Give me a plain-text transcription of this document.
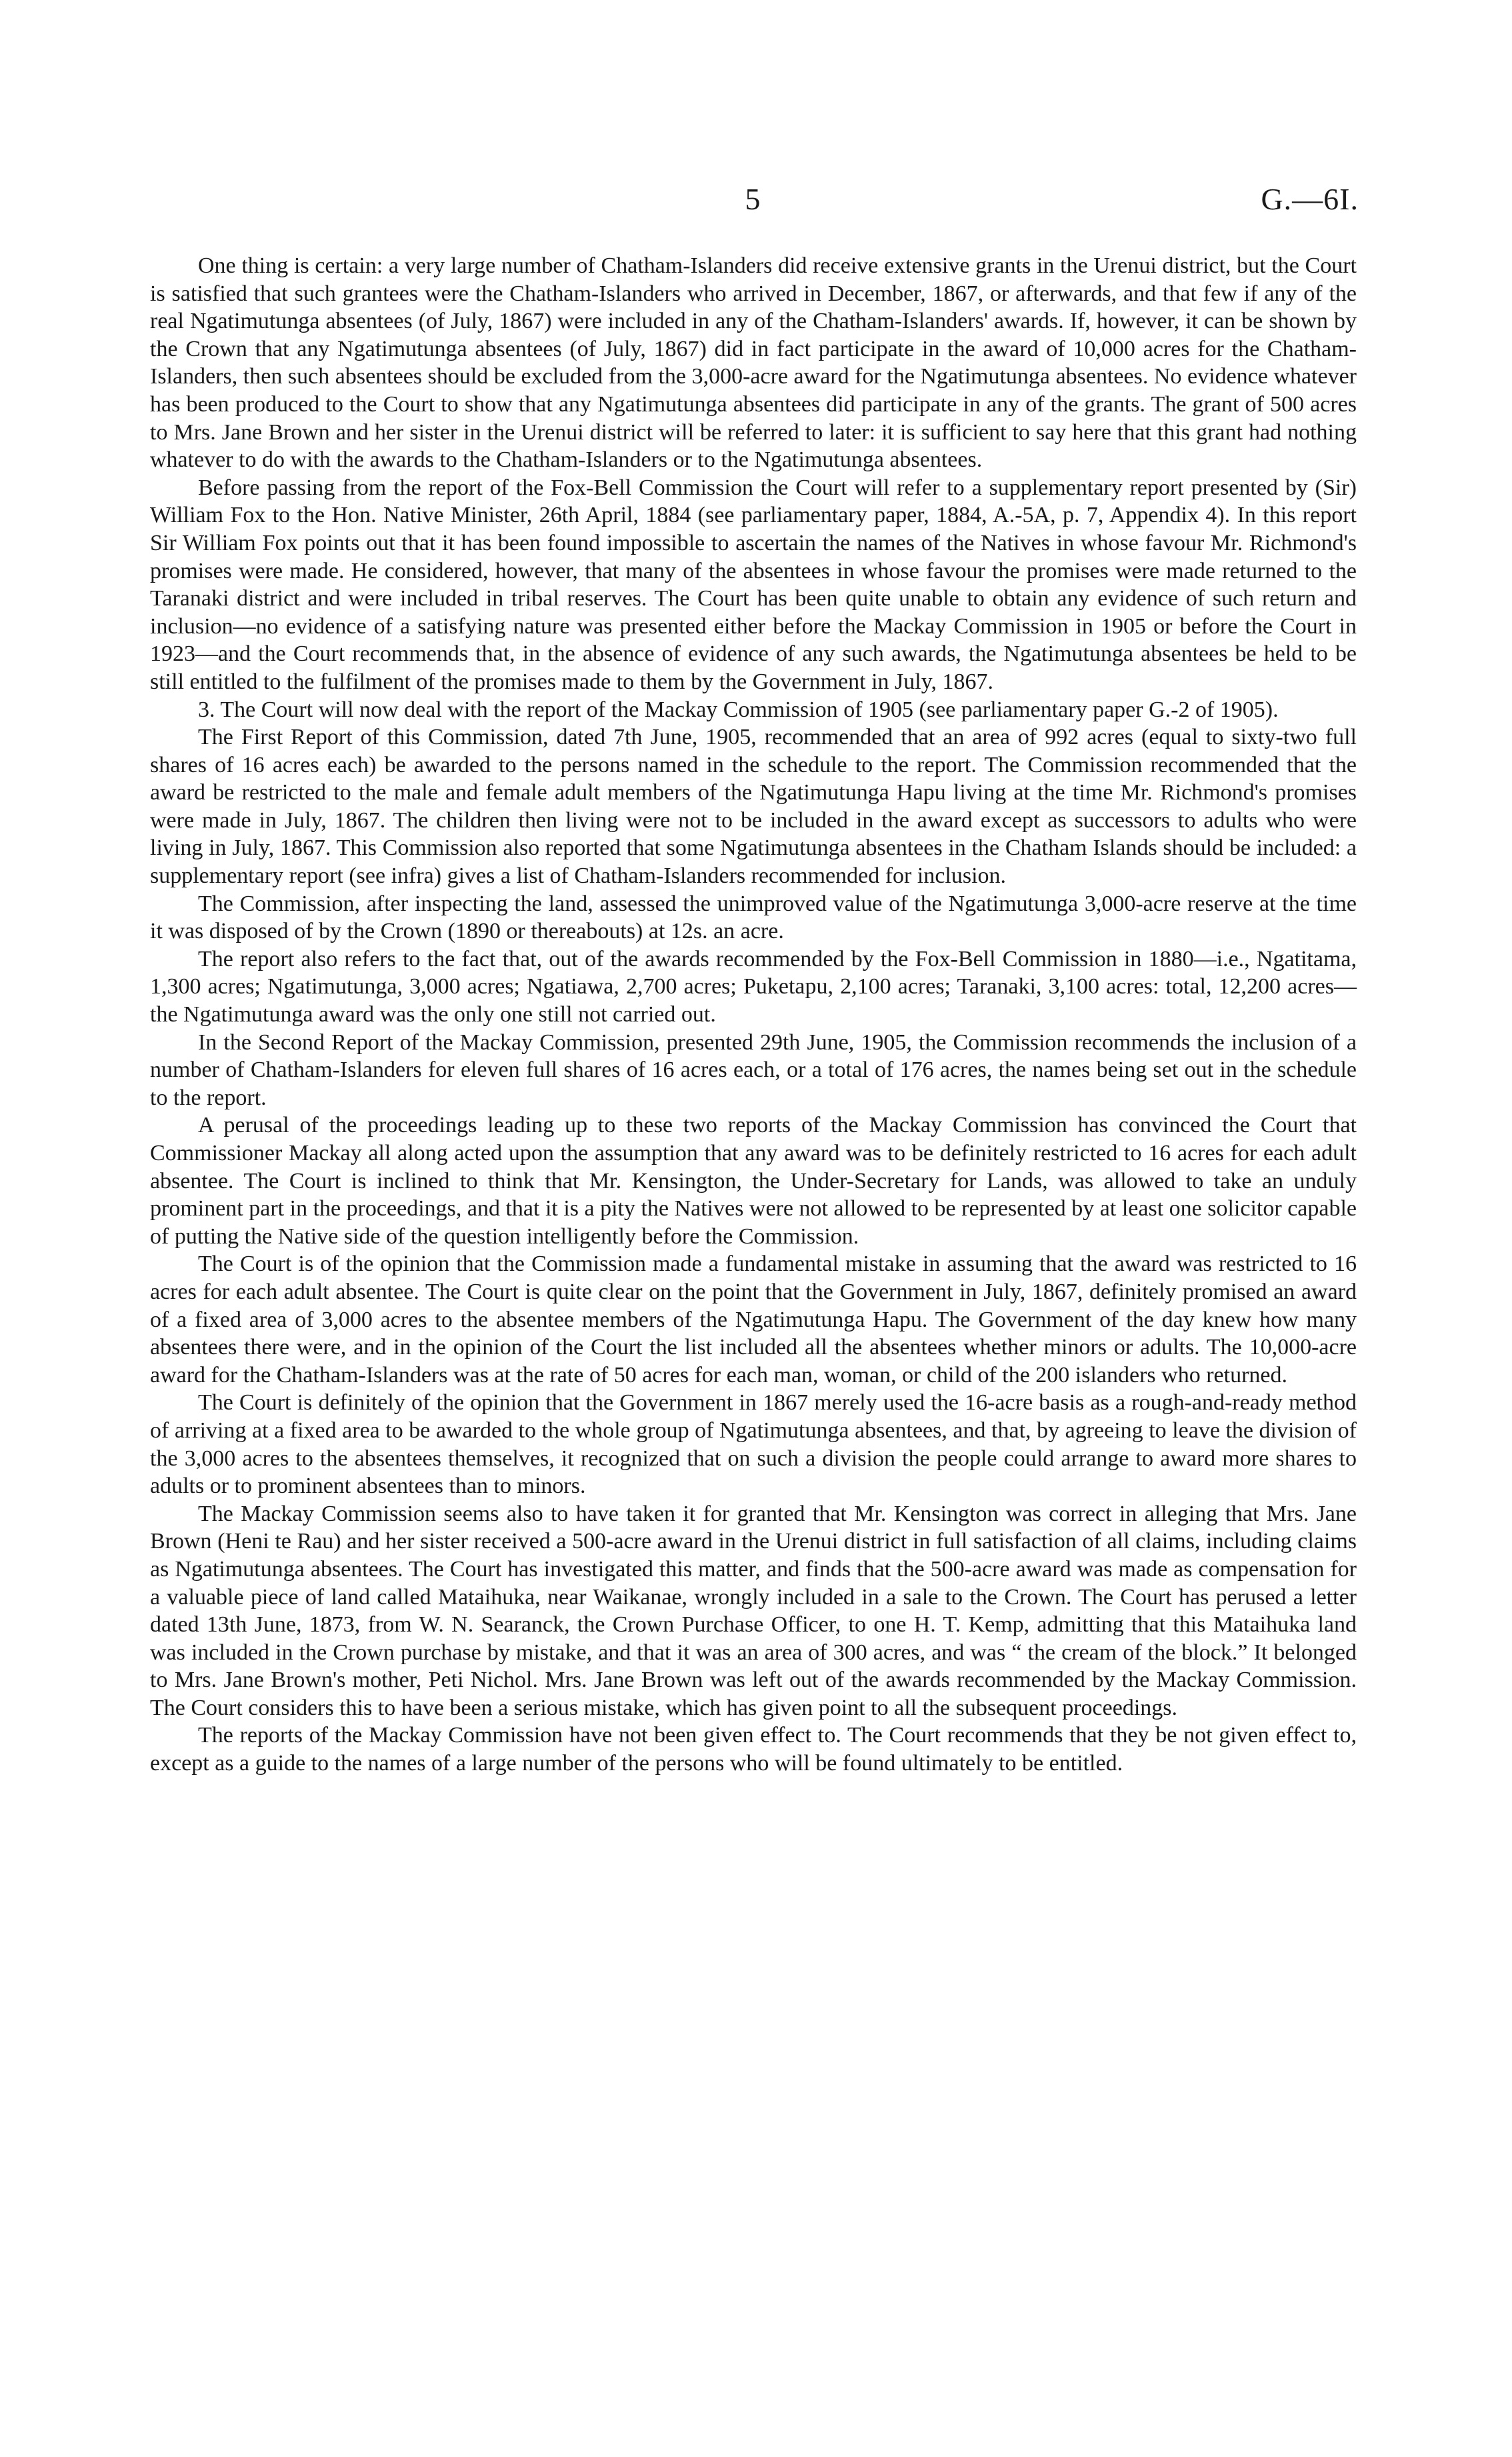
5	G.—6I.

One thing is certain: a very large number of Chatham-Islanders did receive extensive grants in the Urenui district, but the Court is satisfied that such grantees were the Chatham-Islanders who arrived in December, 1867, or afterwards, and that few if any of the real Ngatimutunga absentees (of July, 1867) were included in any of the Chatham-Islanders' awards. If, however, it can be shown by the Crown that any Ngatimutunga absentees (of July, 1867) did in fact participate in the award of 10,000 acres for the Chatham-Islanders, then such absentees should be excluded from the 3,000-acre award for the Ngatimutunga absentees. No evidence whatever has been produced to the Court to show that any Ngatimutunga absentees did participate in any of the grants. The grant of 500 acres to Mrs. Jane Brown and her sister in the Urenui district will be referred to later: it is sufficient to say here that this grant had nothing whatever to do with the awards to the Chatham-Islanders or to the Ngatimutunga absentees.

Before passing from the report of the Fox-Bell Commission the Court will refer to a supplementary report presented by (Sir) William Fox to the Hon. Native Minister, 26th April, 1884 (see parliamentary paper, 1884, A.-5A, p. 7, Appendix 4). In this report Sir William Fox points out that it has been found impossible to ascertain the names of the Natives in whose favour Mr. Richmond's promises were made. He considered, however, that many of the absentees in whose favour the promises were made returned to the Taranaki district and were included in tribal reserves. The Court has been quite unable to obtain any evidence of such return and inclusion—no evidence of a satisfying nature was presented either before the Mackay Commission in 1905 or before the Court in 1923—and the Court recommends that, in the absence of evidence of any such awards, the Ngatimutunga absentees be held to be still entitled to the fulfilment of the promises made to them by the Government in July, 1867.

3. The Court will now deal with the report of the Mackay Commission of 1905 (see parliamentary paper G.-2 of 1905).

The First Report of this Commission, dated 7th June, 1905, recommended that an area of 992 acres (equal to sixty-two full shares of 16 acres each) be awarded to the persons named in the schedule to the report. The Commission recommended that the award be restricted to the male and female adult members of the Ngatimutunga Hapu living at the time Mr. Richmond's promises were made in July, 1867. The children then living were not to be included in the award except as successors to adults who were living in July, 1867. This Commission also reported that some Ngatimutunga absentees in the Chatham Islands should be included: a supplementary report (see infra) gives a list of Chatham-Islanders recommended for inclusion.

The Commission, after inspecting the land, assessed the unimproved value of the Ngatimutunga 3,000-acre reserve at the time it was disposed of by the Crown (1890 or thereabouts) at 12s. an acre.

The report also refers to the fact that, out of the awards recommended by the Fox-Bell Commission in 1880—i.e., Ngatitama, 1,300 acres; Ngatimutunga, 3,000 acres; Ngatiawa, 2,700 acres; Puketapu, 2,100 acres; Taranaki, 3,100 acres: total, 12,200 acres—the Ngatimutunga award was the only one still not carried out.

In the Second Report of the Mackay Commission, presented 29th June, 1905, the Commission recommends the inclusion of a number of Chatham-Islanders for eleven full shares of 16 acres each, or a total of 176 acres, the names being set out in the schedule to the report.

A perusal of the proceedings leading up to these two reports of the Mackay Commission has convinced the Court that Commissioner Mackay all along acted upon the assumption that any award was to be definitely restricted to 16 acres for each adult absentee. The Court is inclined to think that Mr. Kensington, the Under-Secretary for Lands, was allowed to take an unduly prominent part in the proceedings, and that it is a pity the Natives were not allowed to be represented by at least one solicitor capable of putting the Native side of the question intelligently before the Commission.

The Court is of the opinion that the Commission made a fundamental mistake in assuming that the award was restricted to 16 acres for each adult absentee. The Court is quite clear on the point that the Government in July, 1867, definitely promised an award of a fixed area of 3,000 acres to the absentee members of the Ngatimutunga Hapu. The Government of the day knew how many absentees there were, and in the opinion of the Court the list included all the absentees whether minors or adults. The 10,000-acre award for the Chatham-Islanders was at the rate of 50 acres for each man, woman, or child of the 200 islanders who returned.

The Court is definitely of the opinion that the Government in 1867 merely used the 16-acre basis as a rough-and-ready method of arriving at a fixed area to be awarded to the whole group of Ngatimutunga absentees, and that, by agreeing to leave the division of the 3,000 acres to the absentees themselves, it recognized that on such a division the people could arrange to award more shares to adults or to prominent absentees than to minors.

The Mackay Commission seems also to have taken it for granted that Mr. Kensington was correct in alleging that Mrs. Jane Brown (Heni te Rau) and her sister received a 500-acre award in the Urenui district in full satisfaction of all claims, including claims as Ngatimutunga absentees. The Court has investigated this matter, and finds that the 500-acre award was made as compensation for a valuable piece of land called Mataihuka, near Waikanae, wrongly included in a sale to the Crown. The Court has perused a letter dated 13th June, 1873, from W. N. Searanck, the Crown Purchase Officer, to one H. T. Kemp, admitting that this Mataihuka land was included in the Crown purchase by mistake, and that it was an area of 300 acres, and was “ the cream of the block.” It belonged to Mrs. Jane Brown's mother, Peti Nichol. Mrs. Jane Brown was left out of the awards recommended by the Mackay Commission. The Court considers this to have been a serious mistake, which has given point to all the subsequent proceedings.

The reports of the Mackay Commission have not been given effect to. The Court recommends that they be not given effect to, except as a guide to the names of a large number of the persons who will be found ultimately to be entitled.
